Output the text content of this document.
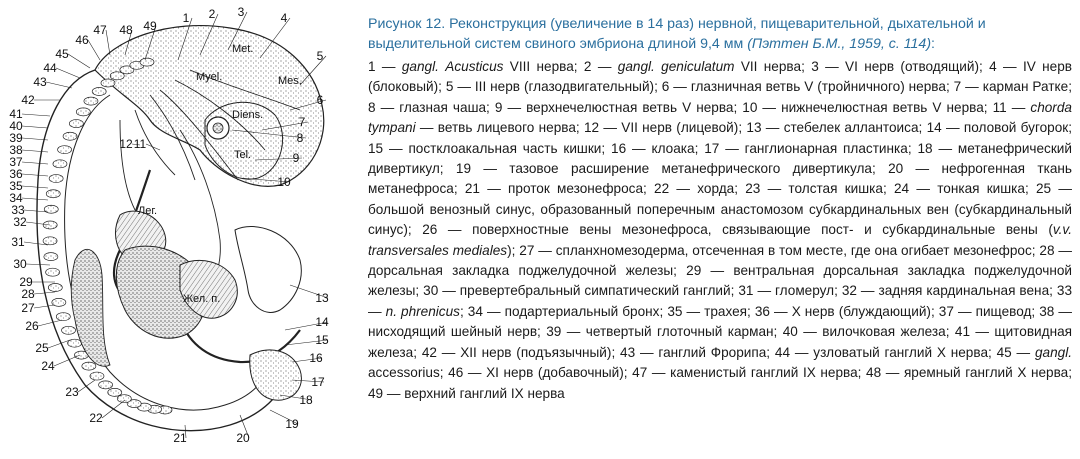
1 2 3	4
5
6
7
8
9
10
11
12
13
14
15
16
17
18
19
20
21
22
23
24
25
26
27
28
29
30
31
32
33
34
35
36
37
38
39
40
41
42
43
44
45
46
47 48 49
Лег.
Жел. п.
Met.
Mes.
Myel.
Diens.
Tel.

Рисунок 12. Реконструкция (увеличение в 14 раз) нервной, пищеварительной, дыхательной и выделительной систем свиного эмбриона длиной 9,4 мм (Пэттен Б.М., 1959, с. 114):

1 — gangl. Acusticus VIII нерва; 2 — gangl. geniculatum VII нерва; 3 — VI нерв (отводящий); 4 — IV нерв (блоковый); 5 — III нерв (глазодвигательный); 6 — глазничная ветвь V (тройничного) нерва; 7 — карман Ратке; 8 — глазная чаша; 9 — верхнечелюстная ветвь V нерва; 10 — нижнечелюстная ветвь V нерва; 11 — chorda tympani — ветвь лицевого нерва; 12 — VII нерв (лицевой); 13 — стебелек аллантоиса; 14 — половой бугорок; 15 — постклоакальная часть кишки; 16 — клоака; 17 — ганглионарная пластинка; 18 — метанефрический дивертикул; 19 — тазовое расширение метанефрического дивертикула; 20 — нефрогенная ткань метанефроса; 21 — проток мезонефроса; 22 — хорда; 23 — толстая кишка; 24 — тонкая кишка; 25 — большой венозный синус, образованный поперечным анастомозом субкардинальных вен (субкардинальный синус); 26 — поверхностные вены мезонефроса, связывающие пост- и субкардинальные вены (v.v. transversales mediales); 27 — спланхномезодерма, отсеченная в том месте, где она огибает мезонефрос; 28 — дорсальная закладка поджелудочной железы; 29 — вентральная дорсальная закладка поджелудочной железы; 30 — превертебральный симпатический ганглий; 31 — гломерул; 32 — задняя кардинальная вена; 33 — n. phrenicus; 34 — подартериальный бронх; 35 — трахея; 36 — X нерв (блуждающий); 37 — пищевод; 38 — нисходящий шейный нерв; 39 — четвертый глоточный карман; 40 — вилочковая железа; 41 — щитовидная железа; 42 — XII нерв (подъязычный); 43 — ганглий Фрорипа; 44 — узловатый ганглий X нерва; 45 — gangl. accessorius; 46 — XI нерв (добавочный); 47 — каменистый ганглий IX нерва; 48 — яремный ганглий X нерва; 49 — верхний ганглий IX нерва
